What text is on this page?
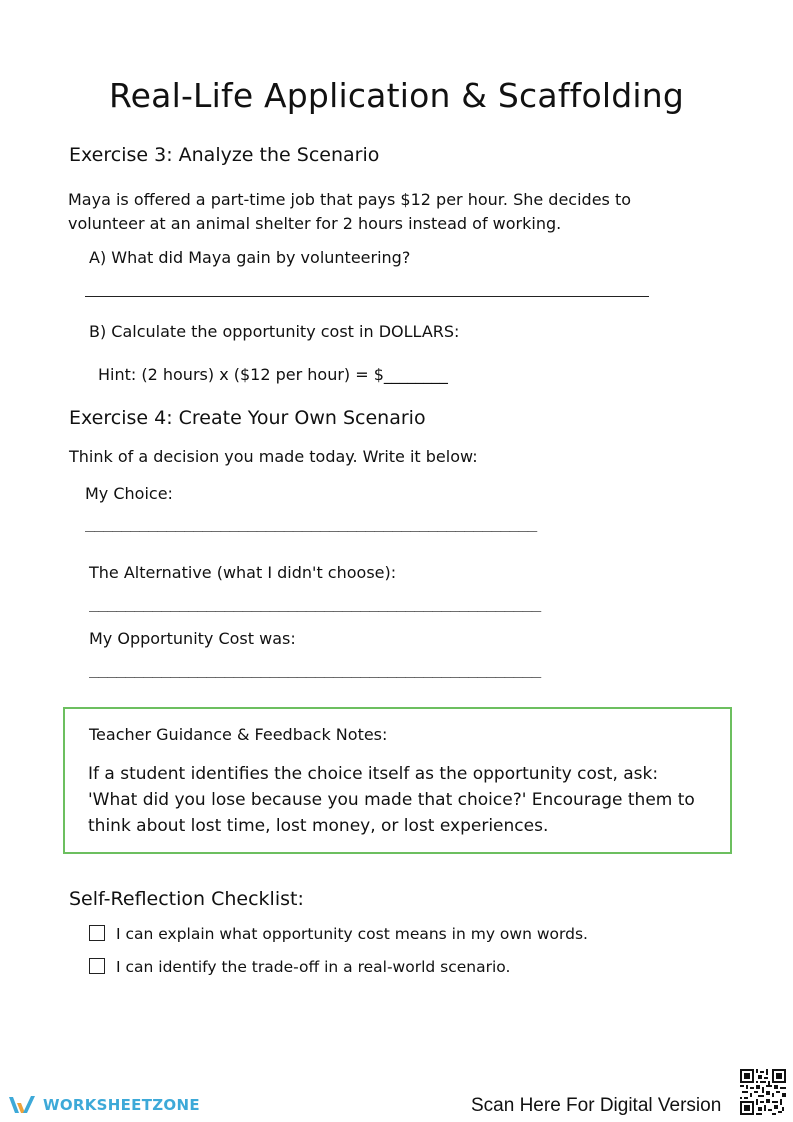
Real-Life Application & Scaffolding
Exercise 3: Analyze the Scenario
Maya is offered a part-time job that pays $12 per hour. She decides to
volunteer at an animal shelter for 2 hours instead of working.
A) What did Maya gain by volunteering?
B) Calculate the opportunity cost in DOLLARS:
Hint: (2 hours) x ($12 per hour) = $________
Exercise 4: Create Your Own Scenario
Think of a decision you made today. Write it below:
My Choice:
__________________________________________________
The Alternative (what I didn't choose):
__________________________________________________
My Opportunity Cost was:
__________________________________________________
Teacher Guidance & Feedback Notes:
If a student identifies the choice itself as the opportunity cost, ask:
'What did you lose because you made that choice?' Encourage them to
think about lost time, lost money, or lost experiences.
Self-Reflection Checklist:
I can explain what opportunity cost means in my own words.
I can identify the trade-off in a real-world scenario.
WORKSHEETZONE	Scan Here For Digital Version
